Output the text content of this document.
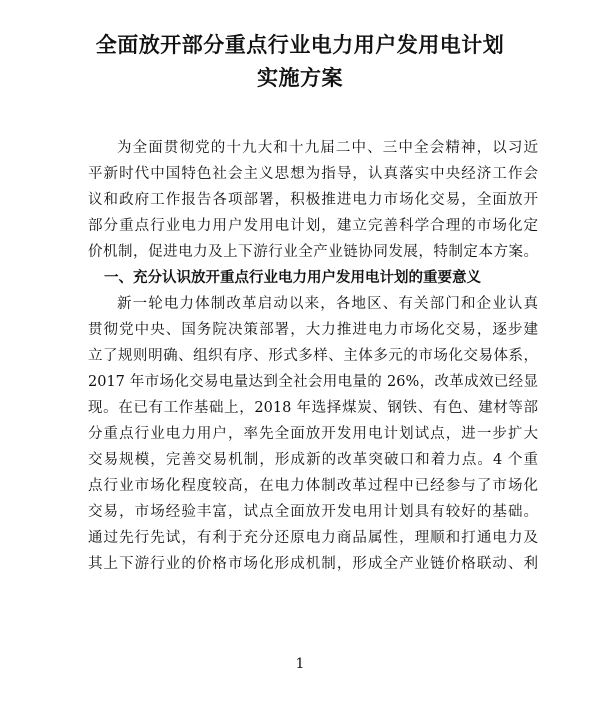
全面放开部分重点行业电力用户发用电计划
实施方案
为全面贯彻党的十九大和十九届二中、三中全会精神，以习近
平新时代中国特色社会主义思想为指导，认真落实中央经济工作会
议和政府工作报告各项部署，积极推进电力市场化交易，全面放开
部分重点行业电力用户发用电计划，建立完善科学合理的市场化定
价机制，促进电力及上下游行业全产业链协同发展，特制定本方案。
一、充分认识放开重点行业电力用户发用电计划的重要意义
新一轮电力体制改革启动以来，各地区、有关部门和企业认真
贯彻党中央、国务院决策部署，大力推进电力市场化交易，逐步建
立了规则明确、组织有序、形式多样、主体多元的市场化交易体系，
2017 年市场化交易电量达到全社会用电量的 26%，改革成效已经显
现。在已有工作基础上，2018 年选择煤炭、钢铁、有色、建材等部
分重点行业电力用户，率先全面放开发用电计划试点，进一步扩大
交易规模，完善交易机制，形成新的改革突破口和着力点。4 个重
点行业市场化程度较高，在电力体制改革过程中已经参与了市场化
交易，市场经验丰富，试点全面放开发电用计划具有较好的基础。
通过先行先试，有利于充分还原电力商品属性，理顺和打通电力及
其上下游行业的价格市场化形成机制，形成全产业链价格联动、利
1
